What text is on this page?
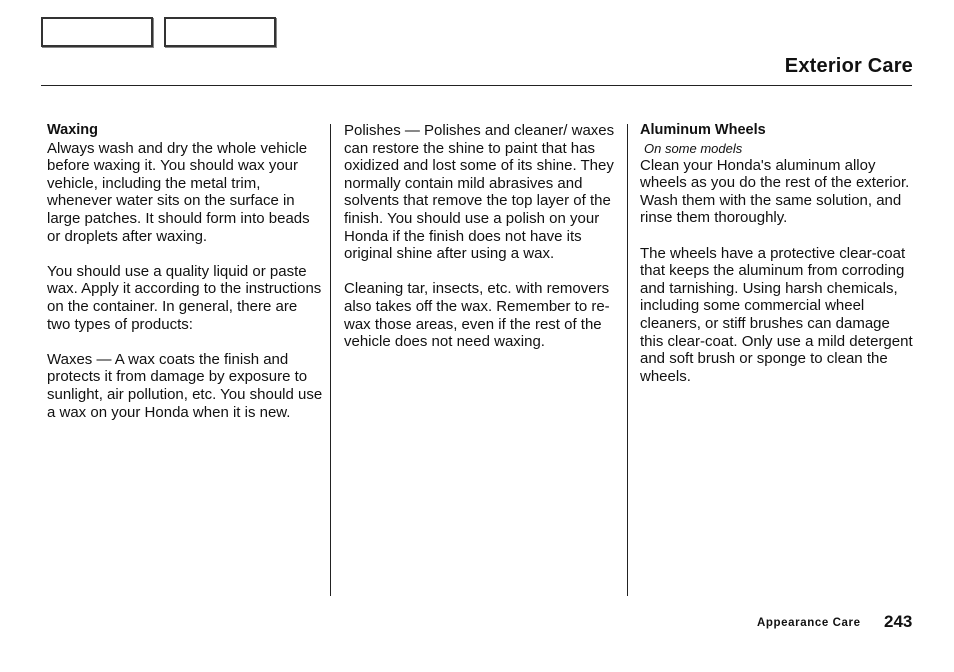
Exterior Care

Waxing

Always wash and dry the whole vehicle before waxing it. You should wax your vehicle, including the metal trim, whenever water sits on the surface in large patches. It should form into beads or droplets after waxing.

You should use a quality liquid or paste wax. Apply it according to the instructions on the container. In general, there are two types of products:

Waxes — A wax coats the finish and protects it from damage by exposure to sunlight, air pollution, etc. You should use a wax on your Honda when it is new.

Polishes — Polishes and cleaner/ waxes can restore the shine to paint that has oxidized and lost some of its shine. They normally contain mild abrasives and solvents that remove the top layer of the finish. You should use a polish on your Honda if the finish does not have its original shine after using a wax.

Cleaning tar, insects, etc. with removers also takes off the wax. Remember to re-wax those areas, even if the rest of the vehicle does not need waxing.

Aluminum Wheels

On some models

Clean your Honda's aluminum alloy wheels as you do the rest of the exterior. Wash them with the same solution, and rinse them thoroughly.

The wheels have a protective clear-coat that keeps the aluminum from corroding and tarnishing. Using harsh chemicals, including some commercial wheel cleaners, or stiff brushes can damage this clear-coat. Only use a mild detergent and soft brush or sponge to clean the wheels.

Appearance Care 243
